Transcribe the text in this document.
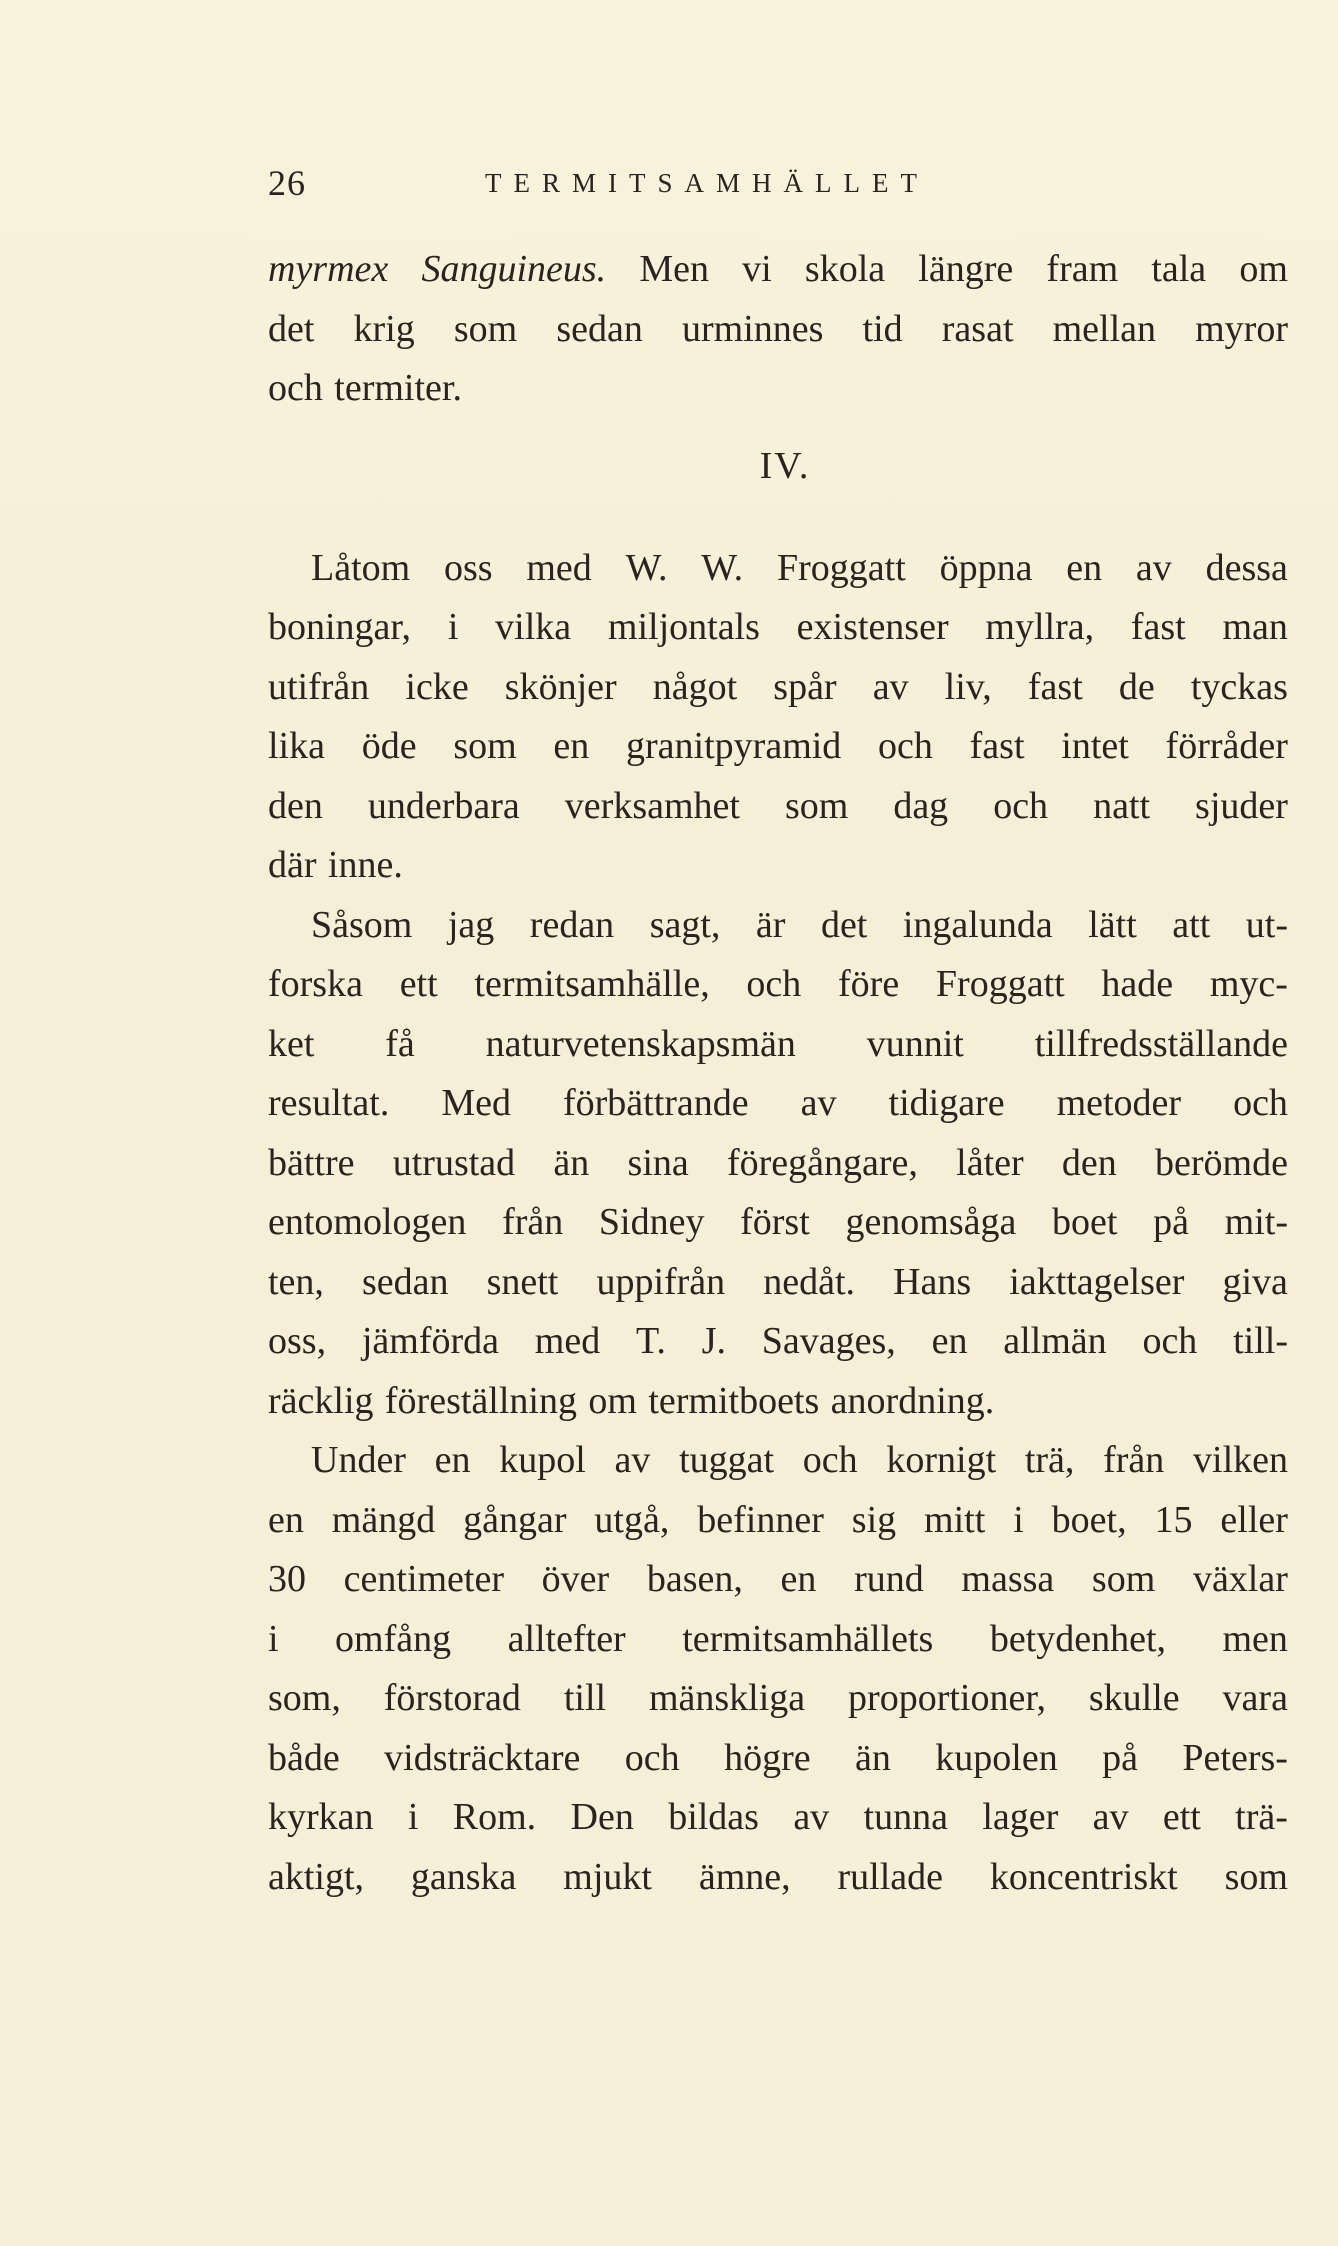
26	TERMITSAMHÄLLET
myrmex Sanguineus. Men vi skola längre fram tala om
det krig som sedan urminnes tid rasat mellan myror
och termiter.
IV.
Låtom oss med W. W. Froggatt öppna en av dessa
boningar, i vilka miljontals existenser myllra, fast man
utifrån icke skönjer något spår av liv, fast de tyckas
lika öde som en granitpyramid och fast intet förråder
den underbara verksamhet som dag och natt sjuder
där inne.
Såsom jag redan sagt, är det ingalunda lätt att ut-
forska ett termitsamhälle, och före Froggatt hade myc-
ket få naturvetenskapsmän vunnit tillfredsställande
resultat. Med förbättrande av tidigare metoder och
bättre utrustad än sina föregångare, låter den berömde
entomologen från Sidney först genomsåga boet på mit-
ten, sedan snett uppifrån nedåt. Hans iakttagelser giva
oss, jämförda med T. J. Savages, en allmän och till-
räcklig föreställning om termitboets anordning.
Under en kupol av tuggat och kornigt trä, från vilken
en mängd gångar utgå, befinner sig mitt i boet, 15 eller
30 centimeter över basen, en rund massa som växlar
i omfång alltefter termitsamhällets betydenhet, men
som, förstorad till mänskliga proportioner, skulle vara
både vidsträcktare och högre än kupolen på Peters-
kyrkan i Rom. Den bildas av tunna lager av ett trä-
aktigt, ganska mjukt ämne, rullade koncentriskt som
